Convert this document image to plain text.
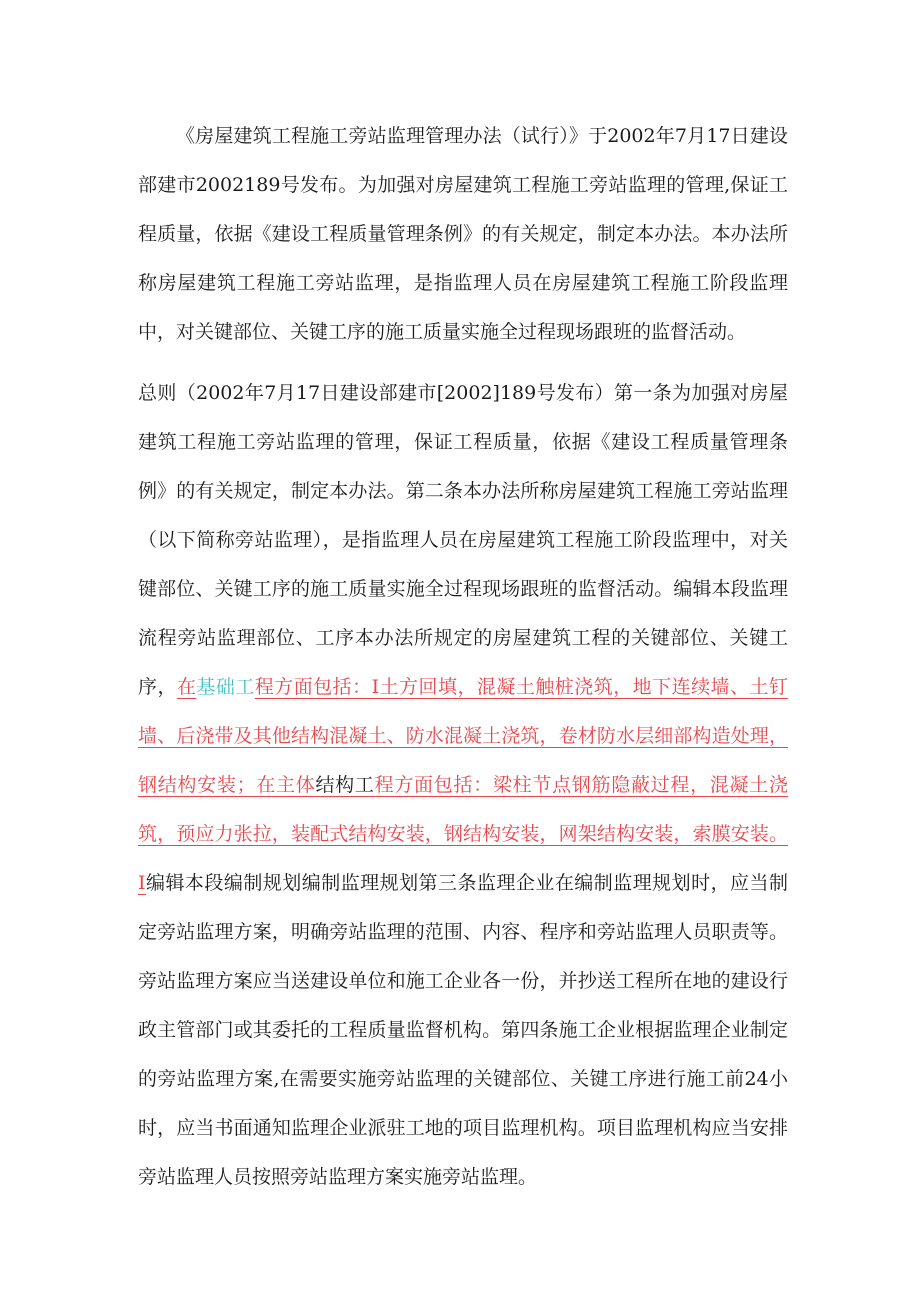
《房屋建筑工程施工旁站监理管理办法（试行）》于2002年7月17日建设部建市2002189号发布。为加强对房屋建筑工程施工旁站监理的管理,保证工程质量，依据《建设工程质量管理条例》的有关规定，制定本办法。本办法所称房屋建筑工程施工旁站监理，是指监理人员在房屋建筑工程施工阶段监理中，对关键部位、关键工序的施工质量实施全过程现场跟班的监督活动。

总则（2002年7月17日建设部建市[2002]189号发布）第一条为加强对房屋建筑工程施工旁站监理的管理，保证工程质量，依据《建设工程质量管理条例》的有关规定，制定本办法。第二条本办法所称房屋建筑工程施工旁站监理（以下简称旁站监理），是指监理人员在房屋建筑工程施工阶段监理中，对关键部位、关键工序的施工质量实施全过程现场跟班的监督活动。编辑本段监理流程旁站监理部位、工序本办法所规定的房屋建筑工程的关键部位、关键工序，在基础工程方面包括：Ⅰ土方回填，混凝土触桩浇筑，地下连续墙、土钉墙、后浇带及其他结构混凝土、防水混凝土浇筑，卷材防水层细部构造处理，钢结构安装；在主体结构工程方面包括：梁柱节点钢筋隐蔽过程，混凝土浇筑，预应力张拉，装配式结构安装，钢结构安装，网架结构安装，索膜安装。Ⅰ编辑本段编制规划编制监理规划第三条监理企业在编制监理规划时，应当制定旁站监理方案，明确旁站监理的范围、内容、程序和旁站监理人员职责等。旁站监理方案应当送建设单位和施工企业各一份，并抄送工程所在地的建设行政主管部门或其委托的工程质量监督机构。第四条施工企业根据监理企业制定的旁站监理方案,在需要实施旁站监理的关键部位、关键工序进行施工前24小时，应当书面通知监理企业派驻工地的项目监理机构。项目监理机构应当安排旁站监理人员按照旁站监理方案实施旁站监理。
